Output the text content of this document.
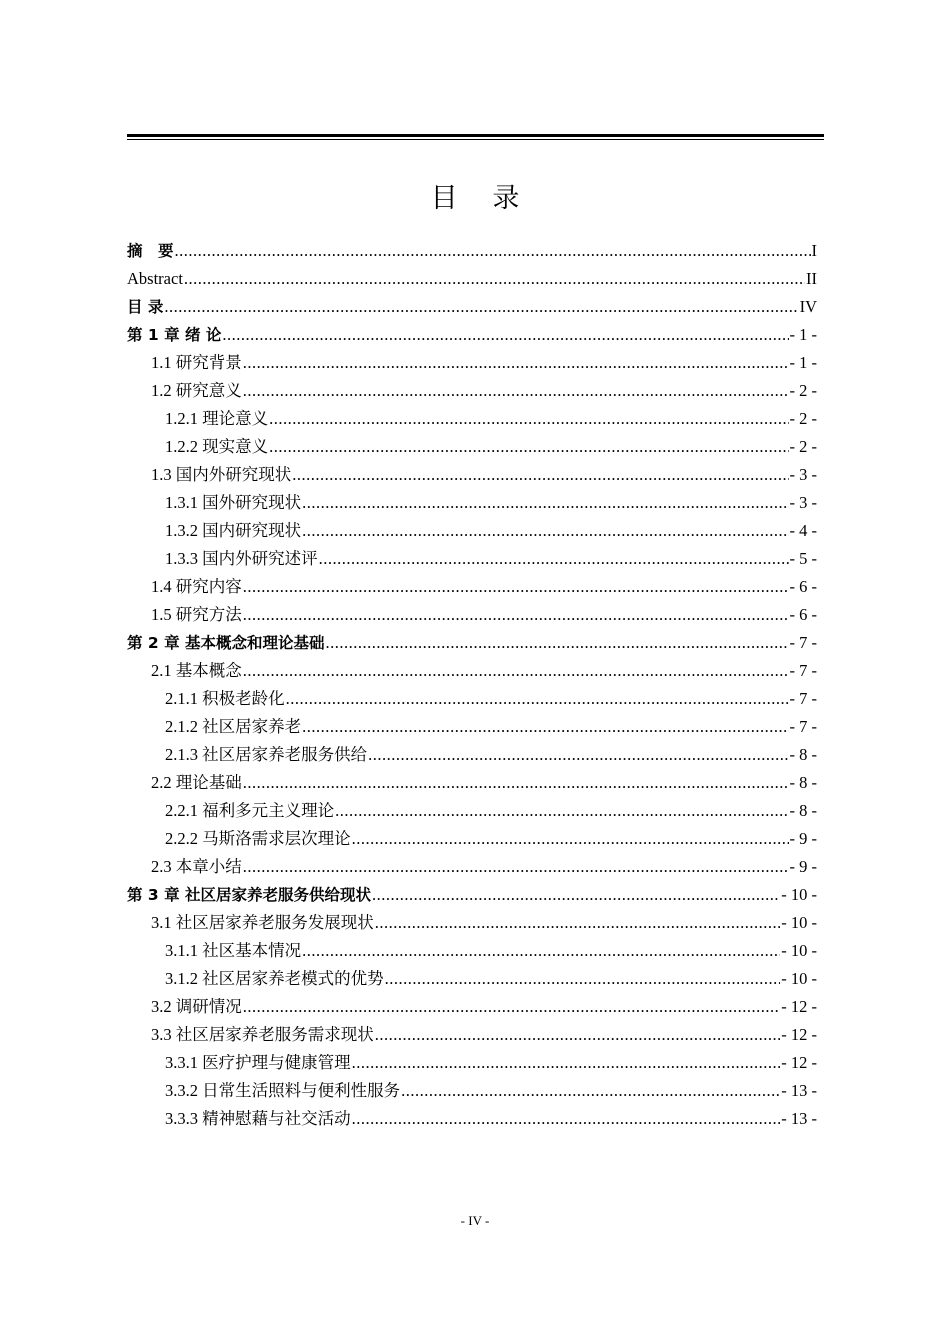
目 录
摘　要 .....	I
Abstract .....	II
目 录 .....	IV
第 1 章 绪 论 .....	- 1 -
1.1 研究背景 .....	- 1 -
1.2 研究意义 .....	- 2 -
1.2.1 理论意义 .....	- 2 -
1.2.2 现实意义 .....	- 2 -
1.3 国内外研究现状 .....	- 3 -
1.3.1 国外研究现状 .....	- 3 -
1.3.2 国内研究现状 .....	- 4 -
1.3.3 国内外研究述评 .....	- 5 -
1.4 研究内容 .....	- 6 -
1.5 研究方法 .....	- 6 -
第 2 章 基本概念和理论基础 .....	- 7 -
2.1 基本概念 .....	- 7 -
2.1.1 积极老龄化 .....	- 7 -
2.1.2 社区居家养老 .....	- 7 -
2.1.3 社区居家养老服务供给 .....	- 8 -
2.2 理论基础 .....	- 8 -
2.2.1 福利多元主义理论 .....	- 8 -
2.2.2 马斯洛需求层次理论 .....	- 9 -
2.3 本章小结 .....	- 9 -
第 3 章 社区居家养老服务供给现状 .....	- 10 -
3.1 社区居家养老服务发展现状 .....	- 10 -
3.1.1 社区基本情况 .....	- 10 -
3.1.2 社区居家养老模式的优势 .....	- 10 -
3.2 调研情况 .....	- 12 -
3.3 社区居家养老服务需求现状 .....	- 12 -
3.3.1 医疗护理与健康管理 .....	- 12 -
3.3.2 日常生活照料与便利性服务 .....	- 13 -
3.3.3 精神慰藉与社交活动 .....	- 13 -
- IV -
